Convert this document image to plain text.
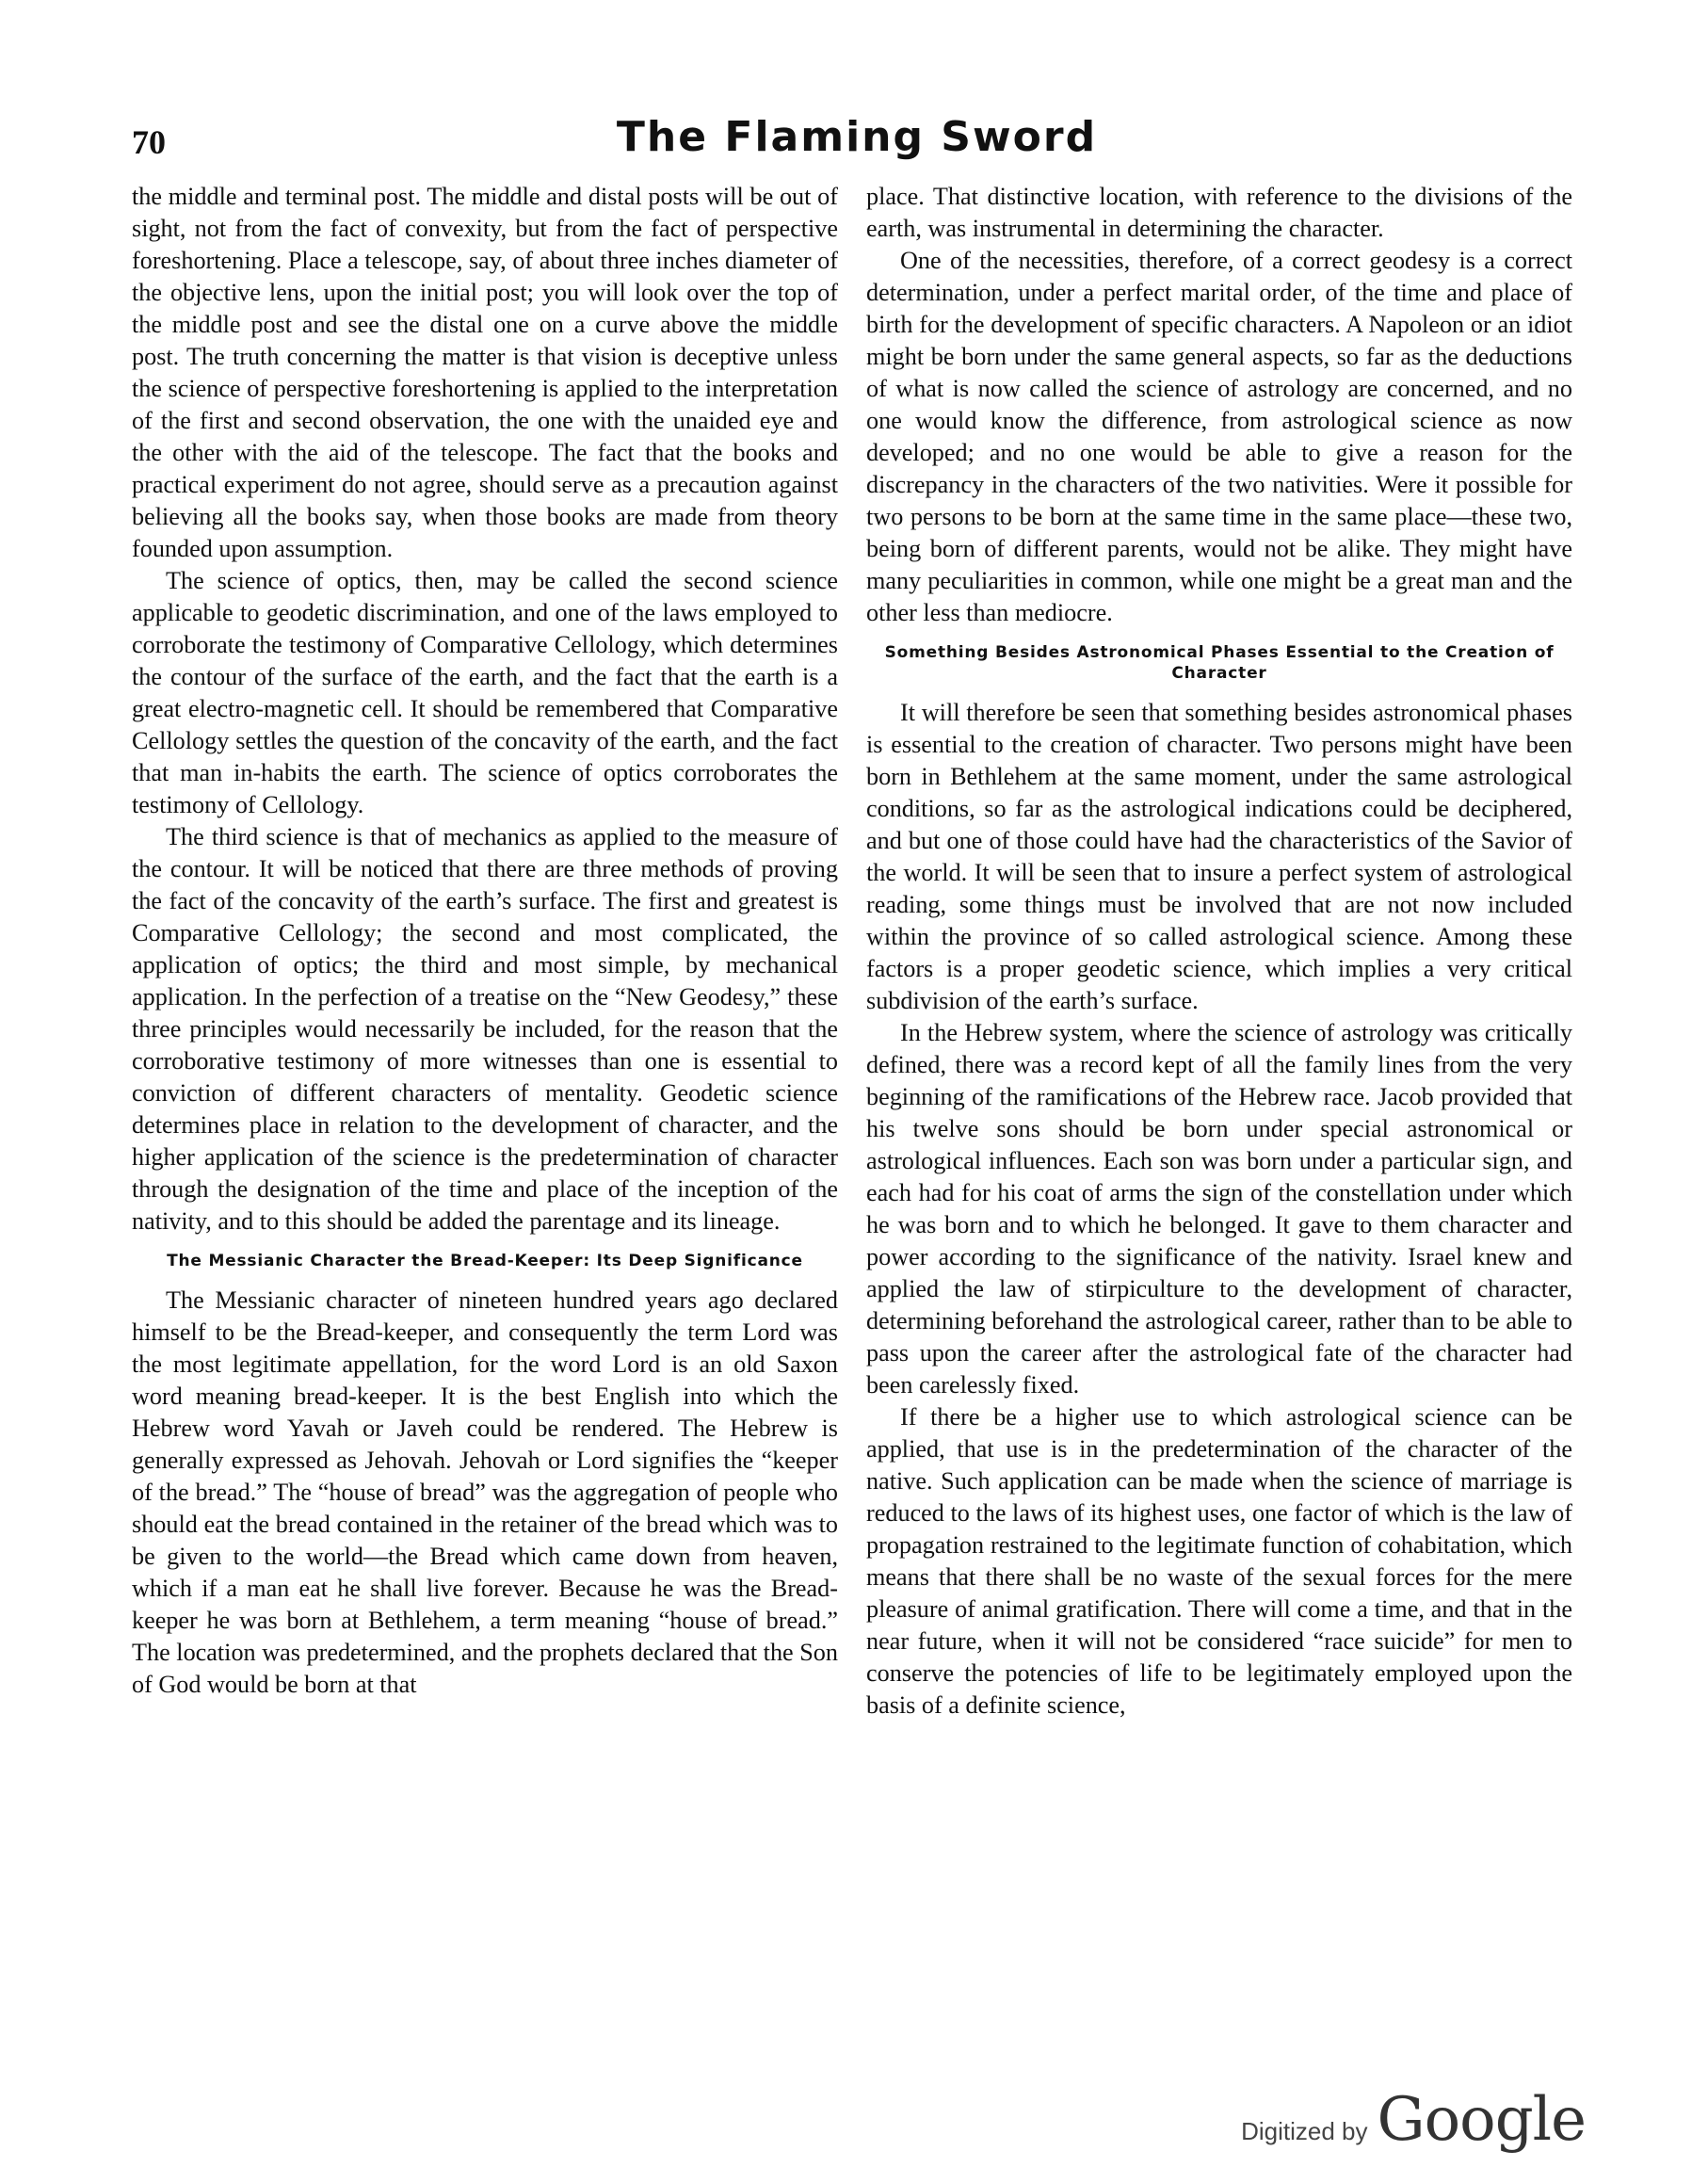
70	The Flaming Sword

the middle and terminal post. The middle and distal posts will be out of sight, not from the fact of convexity, but from the fact of perspective foreshortening. Place a telescope, say, of about three inches diameter of the objective lens, upon the initial post; you will look over the top of the middle post and see the distal one on a curve above the middle post. The truth concerning the matter is that vision is deceptive unless the science of perspective foreshortening is applied to the interpretation of the first and second observation, the one with the unaided eye and the other with the aid of the telescope. The fact that the books and practical experiment do not agree, should serve as a precaution against believing all the books say, when those books are made from theory founded upon assumption.

The science of optics, then, may be called the second science applicable to geodetic discrimination, and one of the laws employed to corroborate the testimony of Comparative Cellology, which determines the contour of the surface of the earth, and the fact that the earth is a great electro-magnetic cell. It should be remembered that Comparative Cellology settles the question of the concavity of the earth, and the fact that man in-habits the earth. The science of optics corroborates the testimony of Cellology.

The third science is that of mechanics as applied to the measure of the contour. It will be noticed that there are three methods of proving the fact of the concavity of the earth’s surface. The first and greatest is Comparative Cellology; the second and most complicated, the application of optics; the third and most simple, by mechanical application. In the perfection of a treatise on the “New Geodesy,” these three principles would necessarily be included, for the reason that the corroborative testimony of more witnesses than one is essential to conviction of different characters of mentality. Geodetic science determines place in relation to the development of character, and the higher application of the science is the predetermination of character through the designation of the time and place of the inception of the nativity, and to this should be added the parentage and its lineage.

The Messianic Character the Bread-Keeper: Its Deep Significance

The Messianic character of nineteen hundred years ago declared himself to be the Bread-keeper, and consequently the term Lord was the most legitimate appellation, for the word Lord is an old Saxon word meaning bread-keeper. It is the best English into which the Hebrew word Yavah or Javeh could be rendered. The Hebrew is generally expressed as Jehovah. Jehovah or Lord signifies the “keeper of the bread.” The “house of bread” was the aggregation of people who should eat the bread contained in the retainer of the bread which was to be given to the world—the Bread which came down from heaven, which if a man eat he shall live forever. Because he was the Bread-keeper he was born at Bethlehem, a term meaning “house of bread.” The location was predetermined, and the prophets declared that the Son of God would be born at that

place. That distinctive location, with reference to the divisions of the earth, was instrumental in determining the character.

One of the necessities, therefore, of a correct geodesy is a correct determination, under a perfect marital order, of the time and place of birth for the development of specific characters. A Napoleon or an idiot might be born under the same general aspects, so far as the deductions of what is now called the science of astrology are concerned, and no one would know the difference, from astrological science as now developed; and no one would be able to give a reason for the discrepancy in the characters of the two nativities. Were it possible for two persons to be born at the same time in the same place—these two, being born of different parents, would not be alike. They might have many peculiarities in common, while one might be a great man and the other less than mediocre.

Something Besides Astronomical Phases Essential to the Creation of Character

It will therefore be seen that something besides astronomical phases is essential to the creation of character. Two persons might have been born in Bethlehem at the same moment, under the same astrological conditions, so far as the astrological indications could be deciphered, and but one of those could have had the characteristics of the Savior of the world. It will be seen that to insure a perfect system of astrological reading, some things must be involved that are not now included within the province of so called astrological science. Among these factors is a proper geodetic science, which implies a very critical subdivision of the earth’s surface.

In the Hebrew system, where the science of astrology was critically defined, there was a record kept of all the family lines from the very beginning of the ramifications of the Hebrew race. Jacob provided that his twelve sons should be born under special astronomical or astrological influences. Each son was born under a particular sign, and each had for his coat of arms the sign of the constellation under which he was born and to which he belonged. It gave to them character and power according to the significance of the nativity. Israel knew and applied the law of stirpiculture to the development of character, determining beforehand the astrological career, rather than to be able to pass upon the career after the astrological fate of the character had been carelessly fixed.

If there be a higher use to which astrological science can be applied, that use is in the predetermination of the character of the native. Such application can be made when the science of marriage is reduced to the laws of its highest uses, one factor of which is the law of propagation restrained to the legitimate function of cohabitation, which means that there shall be no waste of the sexual forces for the mere pleasure of animal gratification. There will come a time, and that in the near future, when it will not be considered “race suicide” for men to conserve the potencies of life to be legitimately employed upon the basis of a definite science,

Digitized by Google
